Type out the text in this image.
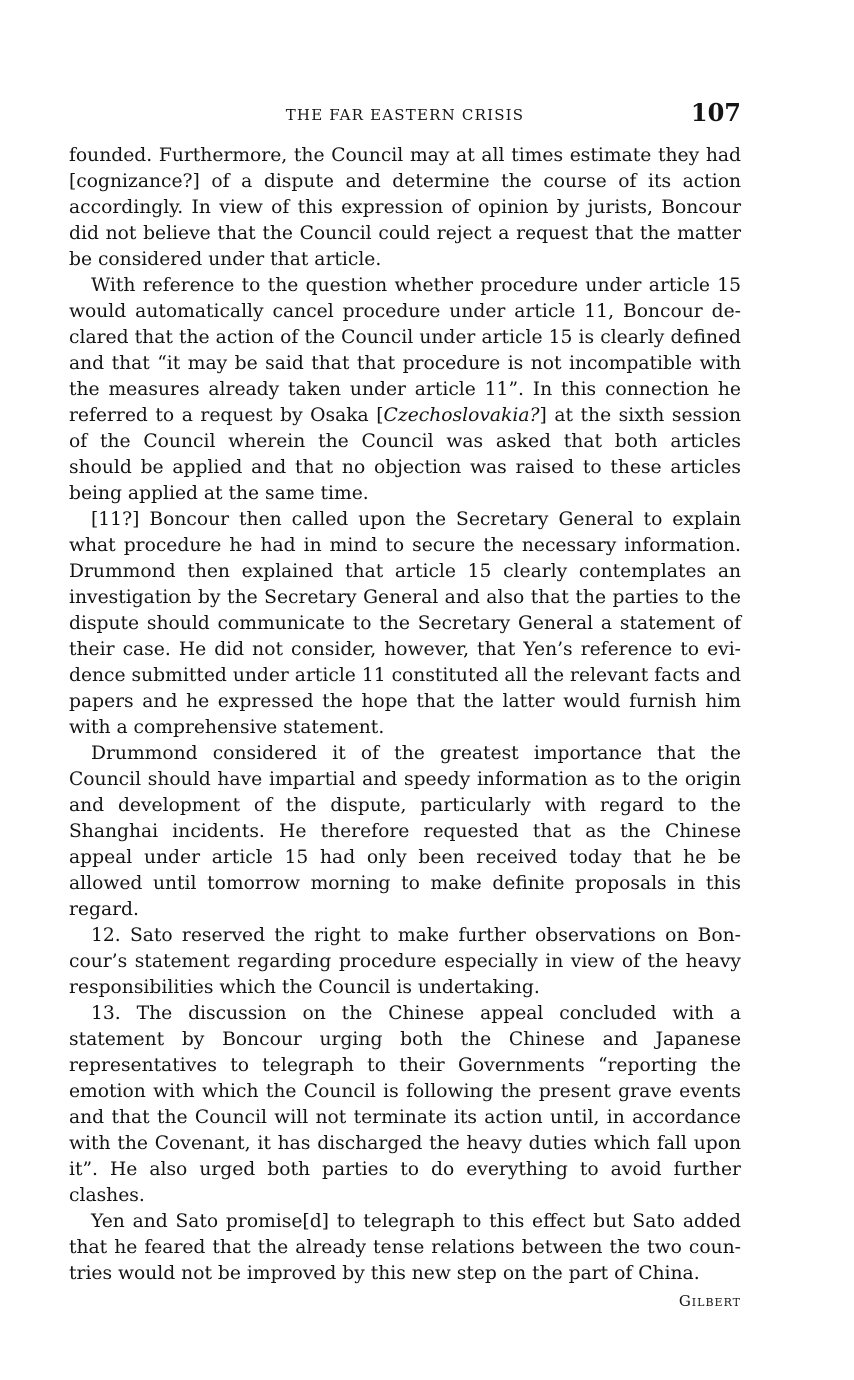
THE FAR EASTERN CRISIS	107

founded. Furthermore, the Council may at all times estimate they had [cognizance?] of a dispute and determine the course of its action accordingly. In view of this expression of opinion by jurists, Boncour did not believe that the Council could reject a request that the matter be considered under that article.

With reference to the question whether procedure under article 15 would automatically cancel procedure under article 11, Boncour declared that the action of the Council under article 15 is clearly defined and that “it may be said that that procedure is not incompatible with the measures already taken under article 11”. In this connection he referred to a request by Osaka [Czechoslovakia?] at the sixth session of the Council wherein the Council was asked that both articles should be applied and that no objection was raised to these articles being applied at the same time.

[11?] Boncour then called upon the Secretary General to explain what procedure he had in mind to secure the necessary information. Drummond then explained that article 15 clearly contemplates an investigation by the Secretary General and also that the parties to the dispute should communicate to the Secretary General a statement of their case. He did not consider, however, that Yen’s reference to evidence submitted under article 11 constituted all the relevant facts and papers and he expressed the hope that the latter would furnish him with a comprehensive statement.

Drummond considered it of the greatest importance that the Council should have impartial and speedy information as to the origin and development of the dispute, particularly with regard to the Shanghai incidents. He therefore requested that as the Chinese appeal under article 15 had only been received today that he be allowed until tomorrow morning to make definite proposals in this regard.

12. Sato reserved the right to make further observations on Boncour’s statement regarding procedure especially in view of the heavy responsibilities which the Council is undertaking.

13. The discussion on the Chinese appeal concluded with a statement by Boncour urging both the Chinese and Japanese representatives to telegraph to their Governments “reporting the emotion with which the Council is following the present grave events and that the Council will not terminate its action until, in accordance with the Covenant, it has discharged the heavy duties which fall upon it”. He also urged both parties to do everything to avoid further clashes.

Yen and Sato promise[d] to telegraph to this effect but Sato added that he feared that the already tense relations between the two countries would not be improved by this new step on the part of China.

Gilbert
